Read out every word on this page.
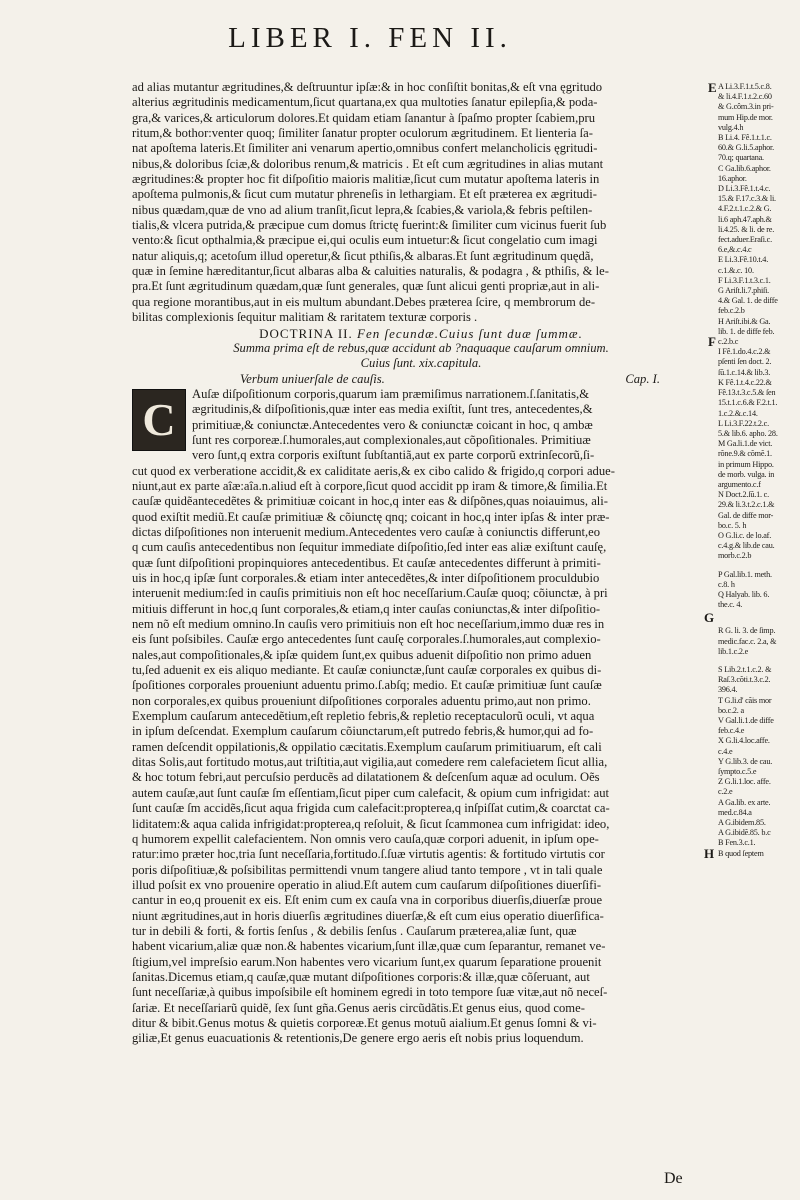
LIBER I. FEN II.
E
F
G
H

ad alias mutantur ægritudines,& deſtruuntur ipſæ:& in hoc conſiſtit bonitas,& eſt vna ęgritudo

alterius ægritudinis medicamentum,ſicut quartana,ex qua multoties ſanatur epilepſia,& poda-

gra,& varices,& articulorum dolores.Et quidam etiam ſanantur à ſpaſmo propter ſcabiem,pru

ritum,& bothor:venter quoq; ſimiliter ſanatur propter oculorum ægritudinem. Et lienteria ſa-

nat apoſtema lateris.Et ſimiliter ani venarum apertio,omnibus confert melancholicis ęgritudi-

nibus,& doloribus ſciæ,& doloribus renum,& matricis . Et eſt cum ægritudines in alias mutant

ægritudines:& propter hoc fit diſpoſitio maioris malitiæ,ſicut cum mutatur apoſtema lateris in

apoſtema pulmonis,& ſicut cum mutatur phreneſis in lethargiam. Et eſt præterea ex ægritudi-

nibus quædam,quæ de vno ad alium tranſit,ſicut lepra,& ſcabies,& variola,& febris peſtilen-

tialis,& vlcera putrida,& præcipue cum domus ſtrictę fuerint:& ſimiliter cum vicinus fuerit ſub

vento:& ſicut opthalmia,& præcipue ei,qui oculis eum intuetur:& ſicut congelatio cum imagi

natur aliquis,q; acetoſum illud operetur,& ſicut pthiſis,& albaras.Et ſunt ægritudinum quędã,

quæ in ſemine hæreditantur,ſicut albaras alba & caluities naturalis, & podagra , & pthiſis, & le-

pra.Et ſunt ægritudinum quædam,quæ ſunt generales, quæ ſunt alicui genti propriæ,aut in ali-

qua regione morantibus,aut in eis multum abundant.Debes præterea ſcire, q membrorum de-

bilitas complexionis ſequitur malitiam & raritatem texturæ corporis .

DOCTRINA II. Fen ſecundæ.Cuius ſunt duæ ſummæ.

Summa prima eſt de rebus,quæ accidunt ab ?naquaque cauſarum omnium.

Cuius ſunt. xix.capitula.

Verbum uniuerſale de cauſis.	Cap. I.

C

Auſæ diſpoſitionum corporis,quarum iam præmiſimus narrationem.ſ.ſanitatis,&

ægritudinis,& diſpoſitionis,quæ inter eas media exiſtit, ſunt tres, antecedentes,&

primitiuæ,& coniunctæ.Antecedentes vero & coniunctæ coicant in hoc, q ambæ

ſunt res corporeæ.ſ.humorales,aut complexionales,aut cõpoſitionales. Primitiuæ

vero ſunt,q extra corporis exiſtunt ſubſtantiã,aut ex parte corporũ extrinſecorũ,ſi-

cut quod ex verberatione accidit,& ex caliditate aeris,& ex cibo calido & frigido,q corpori adue-

niunt,aut ex parte aîæ:aîa.n.aliud eſt à corpore,ſicut quod accidit pp iram & timore,& ſimilia.Et

cauſæ quidẽantecedẽtes & primitiuæ coicant in hoc,q inter eas & diſpõnes,quas noiauimus, ali-

quod exiſtit mediũ.Et cauſæ primitiuæ & cõiunctę qnq; coicant in hoc,q inter ipſas & inter præ-

dictas diſpoſitiones non interuenit medium.Antecedentes vero cauſæ à coniunctis differunt,eo

q cum cauſis antecedentibus non ſequitur immediate diſpoſitio,ſed inter eas aliæ exiſtunt cauſę,

quæ ſunt diſpoſitioni propinquiores antecedentibus. Et cauſæ antecedentes differunt à primiti-

uis in hoc,q ipſæ ſunt corporales.& etiam inter antecedẽtes,& inter diſpoſitionem proculdubio

interuenit medium:ſed in cauſis primitiuis non eſt hoc neceſſarium.Cauſæ quoq; cõiunctæ, à pri

mitiuis differunt in hoc,q ſunt corporales,& etiam,q inter cauſas coniunctas,& inter diſpoſitio-

nem nõ eſt medium omnino.In cauſis vero primitiuis non eſt hoc neceſſarium,immo duæ res in

eis ſunt poſsibiles. Cauſæ ergo antecedentes ſunt cauſę corporales.ſ.humorales,aut complexio-

nales,aut compoſitionales,& ipſæ quidem ſunt,ex quibus aduenit diſpoſitio non primo aduen

tu,ſed aduenit ex eis aliquo mediante. Et cauſæ coniunctæ,ſunt cauſæ corporales ex quibus di-

ſpoſitiones corporales proueniunt aduentu primo.ſ.abſq; medio. Et cauſæ primitiuæ ſunt cauſæ

non corporales,ex quibus proueniunt diſpoſitiones corporales aduentu primo,aut non primo.

Exemplum cauſarum antecedẽtium,eſt repletio febris,& repletio receptaculorũ oculi, vt aqua

in ipſum deſcendat. Exemplum cauſarum cõiunctarum,eſt putredo febris,& humor,qui ad fo-

ramen deſcendit oppilationis,& oppilatio cæcitatis.Exemplum cauſarum primitiuarum, eſt cali

ditas Solis,aut fortitudo motus,aut triſtitia,aut vigilia,aut comedere rem calefacietem ſicut allia,

& hoc totum febri,aut percuſsio perducẽs ad dilatationem & deſcenſum aquæ ad oculum. Oẽs

autem cauſæ,aut ſunt cauſæ ſm eſſentiam,ſicut piper cum calefacit, & opium cum infrigidat: aut

ſunt cauſæ ſm accidẽs,ſicut aqua frigida cum calefacit:propterea,q inſpiſſat cutim,& coarctat ca-

liditatem:& aqua calida infrigidat:propterea,q reſoluit, & ſicut ſcammonea cum infrigidat: ideo,

q humorem expellit calefacientem. Non omnis vero cauſa,quæ corpori aduenit, in ipſum ope-

ratur:imo præter hoc,tria ſunt neceſſaria,fortitudo.ſ.ſuæ virtutis agentis: & fortitudo virtutis cor

poris diſpoſitiuæ,& poſsibilitas permittendi vnum tangere aliud tanto tempore , vt in tali quale

illud poſsit ex vno prouenire operatio in aliud.Eſt autem cum cauſarum diſpoſitiones diuerſifi-

cantur in eo,q prouenit ex eis. Eſt enim cum ex cauſa vna in corporibus diuerſis,diuerſæ proue

niunt ægritudines,aut in horis diuerſis ægritudines diuerſæ,& eſt cum eius operatio diuerſifica-

tur in debili & forti, & fortis ſenſus , & debilis ſenſus . Cauſarum præterea,aliæ ſunt, quæ

habent vicarium,aliæ quæ non.& habentes vicarium,ſunt illæ,quæ cum ſeparantur, remanet ve-

ſtigium,vel impreſsio earum.Non habentes vero vicarium ſunt,ex quarum ſeparatione prouenit

ſanitas.Dicemus etiam,q cauſæ,quæ mutant diſpoſitiones corporis:& illæ,quæ cõſeruant, aut

ſunt neceſſariæ,à quibus impoſsibile eſt hominem egredi in toto tempore ſuæ vitæ,aut nõ neceſ-

ſariæ. Et neceſſariarũ quidẽ, ſex ſunt gña.Genus aeris circũdãtis.Et genus eius, quod come-

ditur & bibit.Genus motus & quietis corporeæ.Et genus motuũ aialium.Et genus ſomni & vi-

giliæ,Et genus euacuationis & retentionis,De genere ergo aeris eſt nobis prius loquendum.

A Li.3.F.1.t.5.c.8.

& li.4.F.1.t.2.c.60

& G.côm.3.in pri-

mum Hip.de mor.

vulg.4.h

B Li.4. Fê.1.t.1.c.

60.& G.li.5.aphor.

70.q; quartana.

C Ga.lib.6.aphor.

16.aphor.

D Li.3.Fê.1.t.4.c.

15.& F.17.c.3.& li.

4.F.2.t.1.c.2.& G.

li.6 aph.47.aph.&

li.4.25. & li. de re.

fect.aduer.Eraſi.c.

6.e,&.c.4.c

E Li.3.Fê.10.t.4.

c.1.&.c. 10.

F Li.3.F.1.t.3.c.1.

G Ariſt.li.7.phiſi.

4.& Gal. 1. de diffe

feb.c.2.b

H Ariſt.ibi.& Ga.

lib. 1. de diffe feb.

c.2.b.c

I Fê.1.do.4.c.2.&

pſenti ſen doct. 2.

ſũ.1.c.14.& lib.3.

K Fê.1.t.4.c.22.&

Fê.13.t.3.c.5.& ſen

15.t.1.c.6.& F.2.t.1.

1.c.2.&.c.14.

L Li.3.F.22.t.2.c.

5.& lib.6. apho. 28.

M Ga.li.1.de vict.

rõne.9.& cõmẽ.1.

in primum Hippo.

de morb. vulga. in

argumento.c.f

N Doct.2.ſũ.1. c.

29.& li.3.t.2.c.1.&

Gal. de diffe mor-

bo.c. 5. h

O G.li.c. de lo.af.

c.4.g.& lib.de cau.

morb.c.2.b

P Gal.lib.1. meth.

c.8. h

Q Halyab. lib. 6.

the.c. 4.

R G. li. 3. de ſimp.

medic.fac.c. 2.a, &

lib.1.c.2.e

S Lib.2.t.1.c.2. &

Raſ.3.cõti.t.3.c.2.

396.4.

T G.li.d' cãis mor

bo.c.2. a

V Gal.li.1.de diffe

feb.c.4.e

X G.li.4.loc.affe.

c.4.e

Y G.lib.3. de cau.

ſympto.c.5.e

Z G.li.1.loc. affe.

c.2.e

A Ga.lib. ex arte.

med.c.84.a

A G.ibidem.85.

A G.ibidẽ.85. b.c

B Fen.3.c.1.

B quod ſeptem

De
